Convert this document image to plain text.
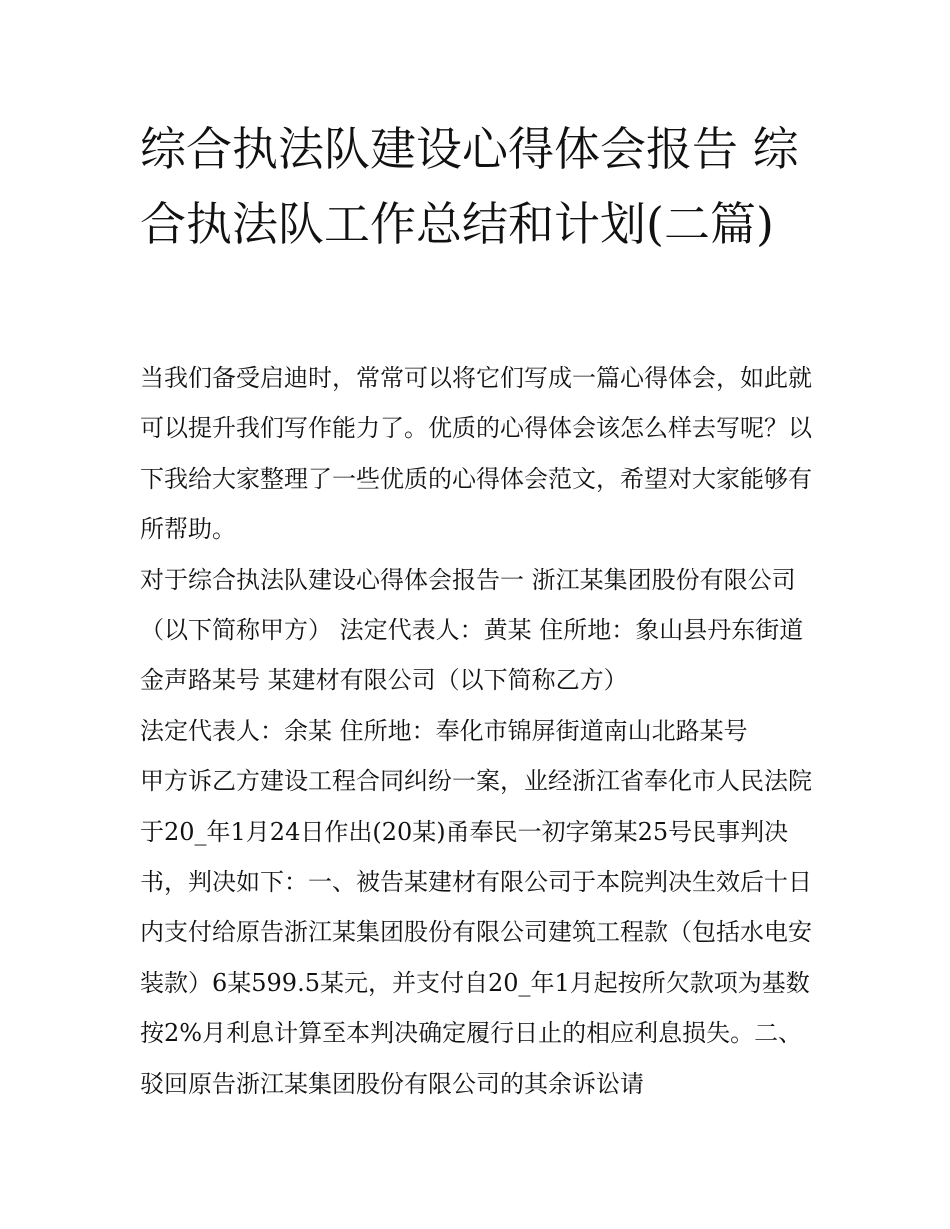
综合执法队建设心得体会报告 综合执法队工作总结和计划(二篇)

当我们备受启迪时，常常可以将它们写成一篇心得体会，如此就可以提升我们写作能力了。优质的心得体会该怎么样去写呢？以下我给大家整理了一些优质的心得体会范文，希望对大家能够有所帮助。

对于综合执法队建设心得体会报告一 浙江某集团股份有限公司（以下简称甲方） 法定代表人：黄某 住所地：象山县丹东街道金声路某号 某建材有限公司（以下简称乙方）

法定代表人：余某 住所地：奉化市锦屏街道南山北路某号

甲方诉乙方建设工程合同纠纷一案，业经浙江省奉化市人民法院于20_年1月24日作出(20某)甬奉民一初字第某25号民事判决书，判决如下：一、被告某建材有限公司于本院判决生效后十日内支付给原告浙江某集团股份有限公司建筑工程款（包括水电安装款）6某599.5某元，并支付自20_年1月起按所欠款项为基数按2%月利息计算至本判决确定履行日止的相应利息损失。二、驳回原告浙江某集团股份有限公司的其余诉讼请
